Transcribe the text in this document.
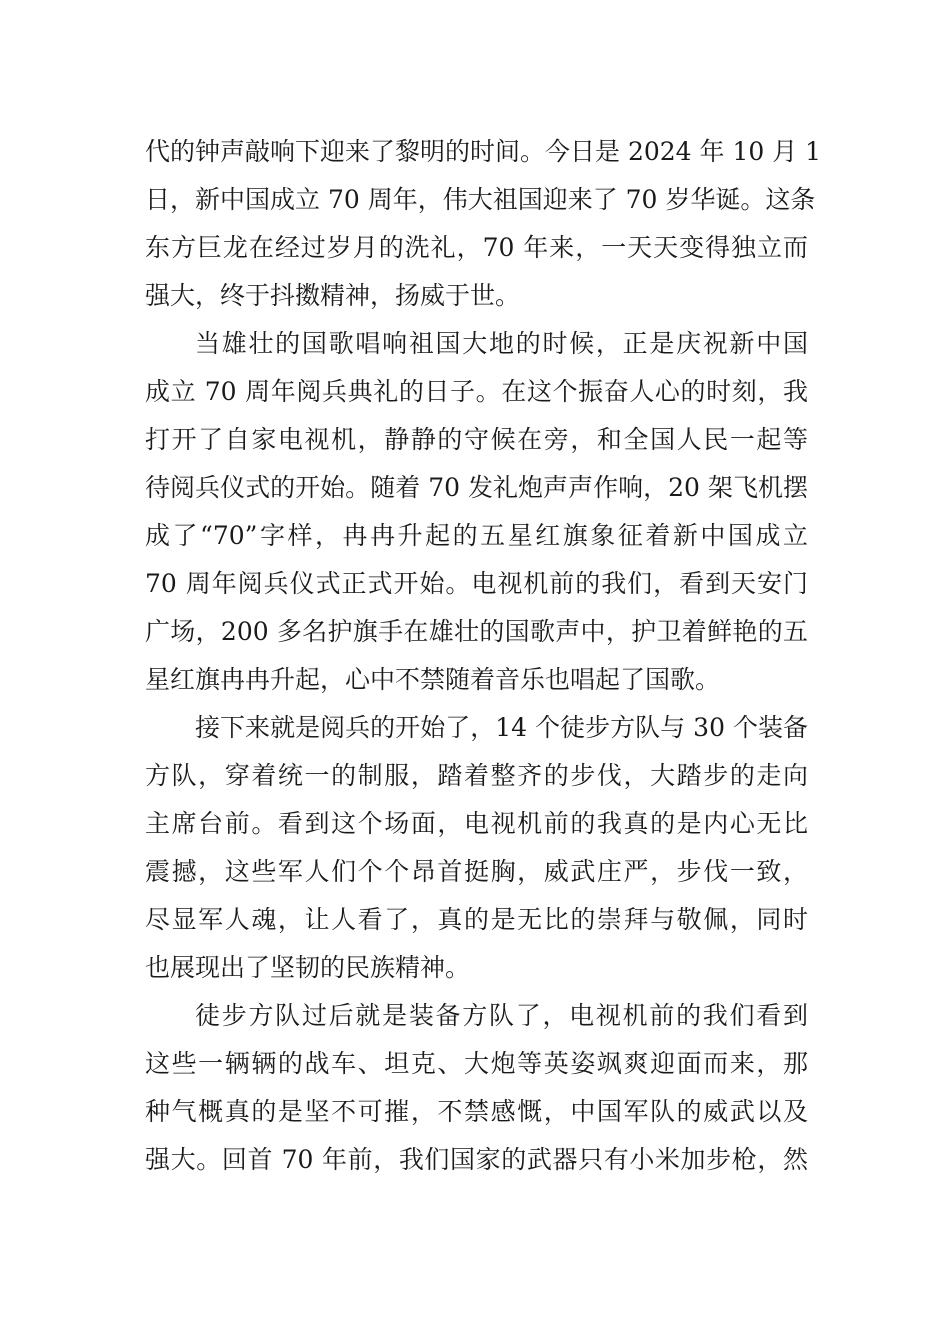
代的钟声敲响下迎来了黎明的时间。今日是 2024 年 10 月 1
日，新中国成立 70 周年，伟大祖国迎来了 70 岁华诞。这条
东方巨龙在经过岁月的洗礼，70 年来，一天天变得独立而
强大，终于抖擞精神，扬威于世。
当雄壮的国歌唱响祖国大地的时候，正是庆祝新中国
成立 70 周年阅兵典礼的日子。在这个振奋人心的时刻，我
打开了自家电视机，静静的守候在旁，和全国人民一起等
待阅兵仪式的开始。随着 70 发礼炮声声作响，20 架飞机摆
成了“70”字样，冉冉升起的五星红旗象征着新中国成立
70 周年阅兵仪式正式开始。电视机前的我们，看到天安门
广场，200 多名护旗手在雄壮的国歌声中，护卫着鲜艳的五
星红旗冉冉升起，心中不禁随着音乐也唱起了国歌。
接下来就是阅兵的开始了，14 个徒步方队与 30 个装备
方队，穿着统一的制服，踏着整齐的步伐，大踏步的走向
主席台前。看到这个场面，电视机前的我真的是内心无比
震撼，这些军人们个个昂首挺胸，威武庄严，步伐一致，
尽显军人魂，让人看了，真的是无比的崇拜与敬佩，同时
也展现出了坚韧的民族精神。
徒步方队过后就是装备方队了，电视机前的我们看到
这些一辆辆的战车、坦克、大炮等英姿飒爽迎面而来，那
种气概真的是坚不可摧，不禁感慨，中国军队的威武以及
强大。回首 70 年前，我们国家的武器只有小米加步枪，然
